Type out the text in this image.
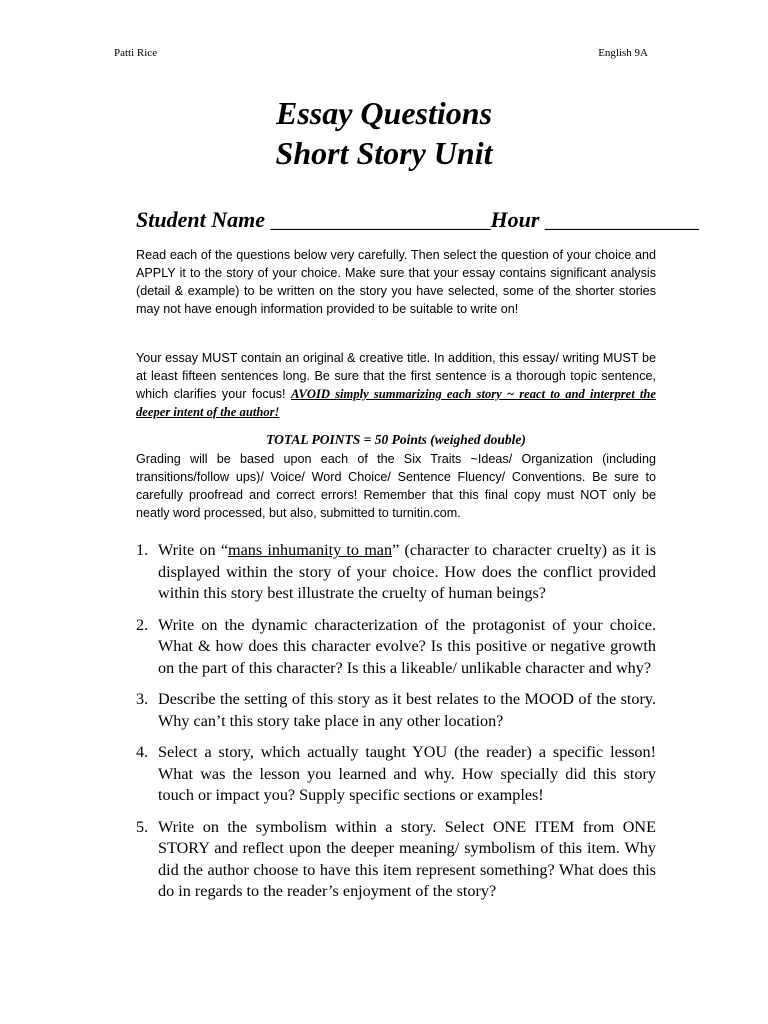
Patti Rice	English 9A
Essay Questions
Short Story Unit
Student Name ____________________Hour ______________

Read each of the questions below very carefully. Then select the question of your choice and APPLY it to the story of your choice. Make sure that your essay contains significant analysis (detail & example) to be written on the story you have selected, some of the shorter stories may not have enough information provided to be suitable to write on!

Your essay MUST contain an original & creative title. In addition, this essay/ writing MUST be at least fifteen sentences long. Be sure that the first sentence is a thorough topic sentence, which clarifies your focus! AVOID simply summarizing each story ~ react to and interpret the deeper intent of the author!

TOTAL POINTS = 50 Points (weighed double)

Grading will be based upon each of the Six Traits ~Ideas/ Organization (including transitions/follow ups)/ Voice/ Word Choice/ Sentence Fluency/ Conventions. Be sure to carefully proofread and correct errors! Remember that this final copy must NOT only be neatly word processed, but also, submitted to turnitin.com.

1. Write on “mans inhumanity to man” (character to character cruelty) as it is displayed within the story of your choice. How does the conflict provided within this story best illustrate the cruelty of human beings?
2. Write on the dynamic characterization of the protagonist of your choice. What & how does this character evolve? Is this positive or negative growth on the part of this character? Is this a likeable/ unlikable character and why?
3. Describe the setting of this story as it best relates to the MOOD of the story. Why can’t this story take place in any other location?
4. Select a story, which actually taught YOU (the reader) a specific lesson! What was the lesson you learned and why. How specially did this story touch or impact you? Supply specific sections or examples!
5. Write on the symbolism within a story. Select ONE ITEM from ONE STORY and reflect upon the deeper meaning/ symbolism of this item. Why did the author choose to have this item represent something? What does this do in regards to the reader’s enjoyment of the story?
